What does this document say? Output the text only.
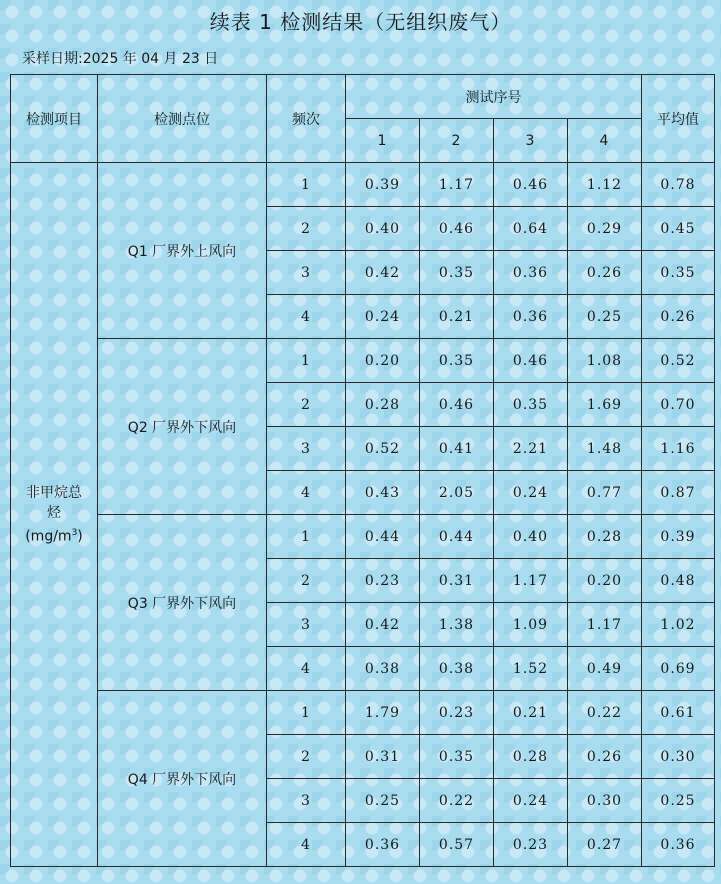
续表 1 检测结果（无组织废气）
采样日期:2025 年 04 月 23 日
检测项目	检测点位	频次	测试序号				平均值
			1	2	3	4	

非甲烷总
烃
$(mg/m^3)$	Q1 厂界外上风向	1	0.39	1.17	0.46	1.12	0.78
		2	0.40	0.46	0.64	0.29	0.45
		3	0.42	0.35	0.36	0.26	0.35
		4	0.24	0.21	0.36	0.25	0.26
	Q2 厂界外下风向	1	0.20	0.35	0.46	1.08	0.52
		2	0.28	0.46	0.35	1.69	0.70
		3	0.52	0.41	2.21	1.48	1.16
		4	0.43	2.05	0.24	0.77	0.87
	Q3 厂界外下风向	1	0.44	0.44	0.40	0.28	0.39
		2	0.23	0.31	1.17	0.20	0.48
		3	0.42	1.38	1.09	1.17	1.02
		4	0.38	0.38	1.52	0.49	0.69
	Q4 厂界外下风向	1	1.79	0.23	0.21	0.22	0.61
		2	0.31	0.35	0.28	0.26	0.30
		3	0.25	0.22	0.24	0.30	0.25
		4	0.36	0.57	0.23	0.27	0.36
